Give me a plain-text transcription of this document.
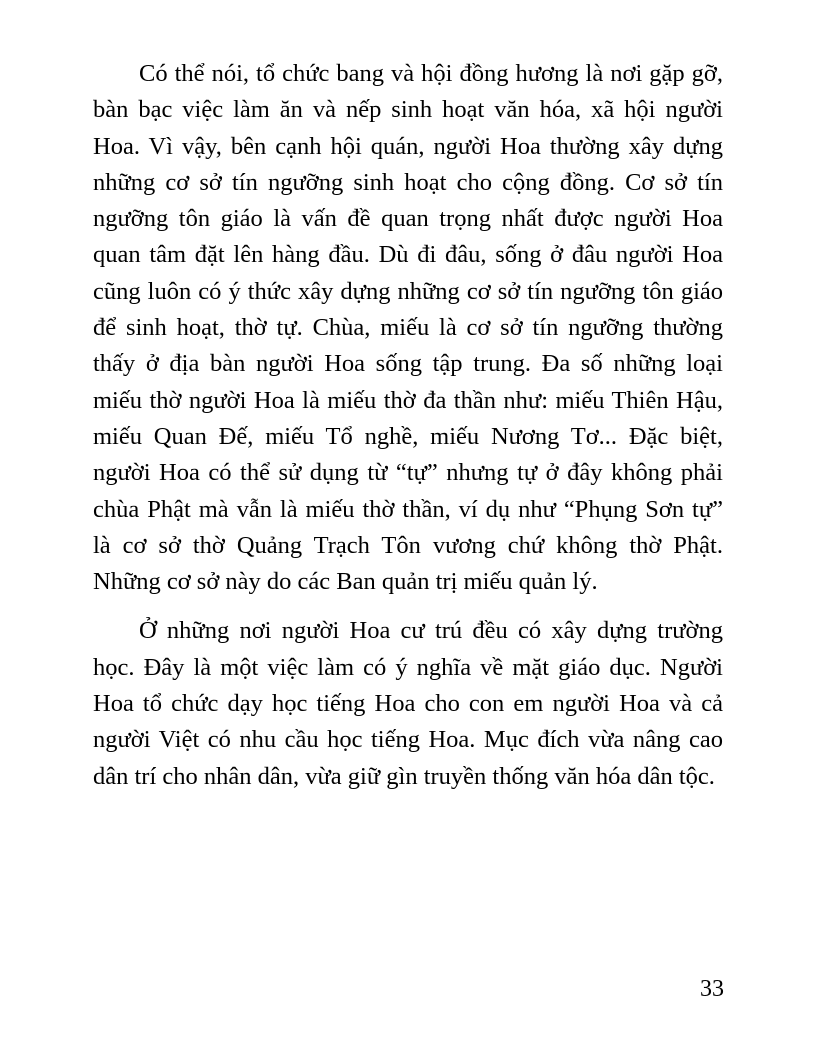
Có thể nói, tổ chức bang và hội đồng hương là nơi gặp gỡ, bàn bạc việc làm ăn và nếp sinh hoạt văn hóa, xã hội người Hoa. Vì vậy, bên cạnh hội quán, người Hoa thường xây dựng những cơ sở tín ngưỡng sinh hoạt cho cộng đồng. Cơ sở tín ngưỡng tôn giáo là vấn đề quan trọng nhất được người Hoa quan tâm đặt lên hàng đầu. Dù đi đâu, sống ở đâu người Hoa cũng luôn có ý thức xây dựng những cơ sở tín ngưỡng tôn giáo để sinh hoạt, thờ tự. Chùa, miếu là cơ sở tín ngưỡng thường thấy ở địa bàn người Hoa sống tập trung. Đa số những loại miếu thờ người Hoa là miếu thờ đa thần như: miếu Thiên Hậu, miếu Quan Đế, miếu Tổ nghề, miếu Nương Tơ... Đặc biệt, người Hoa có thể sử dụng từ “tự” nhưng tự ở đây không phải chùa Phật mà vẫn là miếu thờ thần, ví dụ như “Phụng Sơn tự” là cơ sở thờ Quảng Trạch Tôn vương chứ không thờ Phật. Những cơ sở này do các Ban quản trị miếu quản lý.

Ở những nơi người Hoa cư trú đều có xây dựng trường học. Đây là một việc làm có ý nghĩa về mặt giáo dục. Người Hoa tổ chức dạy học tiếng Hoa cho con em người Hoa và cả người Việt có nhu cầu học tiếng Hoa. Mục đích vừa nâng cao dân trí cho nhân dân, vừa giữ gìn truyền thống văn hóa dân tộc.

33
